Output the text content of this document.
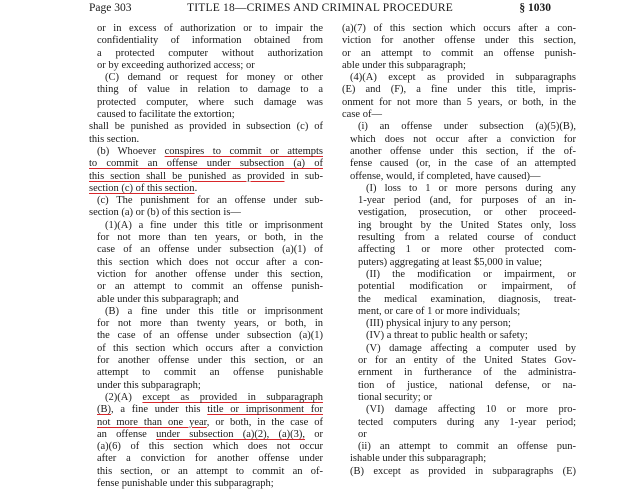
Page 303	TITLE 18—CRIMES AND CRIMINAL PROCEDURE	§ 1030
or in excess of authorization or to impair the
confidentiality of information obtained from
a protected computer without authorization
or by exceeding authorized access; or
(C) demand or request for money or other
thing of value in relation to damage to a
protected computer, where such damage was
caused to facilitate the extortion;
shall be punished as provided in subsection (c) of
this section.
(b) Whoever conspires to commit or attempts
to commit an offense under subsection (a) of
this section shall be punished as provided in sub-
section (c) of this section.
(c) The punishment for an offense under sub-
section (a) or (b) of this section is—
(1)(A) a fine under this title or imprisonment
for not more than ten years, or both, in the
case of an offense under subsection (a)(1) of
this section which does not occur after a con-
viction for another offense under this section,
or an attempt to commit an offense punish-
able under this subparagraph; and
(B) a fine under this title or imprisonment
for not more than twenty years, or both, in
the case of an offense under subsection (a)(1)
of this section which occurs after a conviction
for another offense under this section, or an
attempt to commit an offense punishable
under this subparagraph;
(2)(A) except as provided in subparagraph
(B), a fine under this title or imprisonment for
not more than one year, or both, in the case of
an offense under subsection (a)(2), (a)(3), or
(a)(6) of this section which does not occur
after a conviction for another offense under
this section, or an attempt to commit an of-
fense punishable under this subparagraph;
(a)(7) of this section which occurs after a con-
viction for another offense under this section,
or an attempt to commit an offense punish-
able under this subparagraph;
(4)(A) except as provided in subparagraphs
(E) and (F), a fine under this title, impris-
onment for not more than 5 years, or both, in the
case of—
(i) an offense under subsection (a)(5)(B),
which does not occur after a conviction for
another offense under this section, if the of-
fense caused (or, in the case of an attempted
offense, would, if completed, have caused)—
(I) loss to 1 or more persons during any
1-year period (and, for purposes of an in-
vestigation, prosecution, or other proceed-
ing brought by the United States only, loss
resulting from a related course of conduct
affecting 1 or more other protected com-
puters) aggregating at least $5,000 in value;
(II) the modification or impairment, or
potential modification or impairment, of
the medical examination, diagnosis, treat-
ment, or care of 1 or more individuals;
(III) physical injury to any person;
(IV) a threat to public health or safety;
(V) damage affecting a computer used by
or for an entity of the United States Gov-
ernment in furtherance of the administra-
tion of justice, national defense, or na-
tional security; or
(VI) damage affecting 10 or more pro-
tected computers during any 1-year period;
or
(ii) an attempt to commit an offense pun-
ishable under this subparagraph;
(B) except as provided in subparagraphs (E)
